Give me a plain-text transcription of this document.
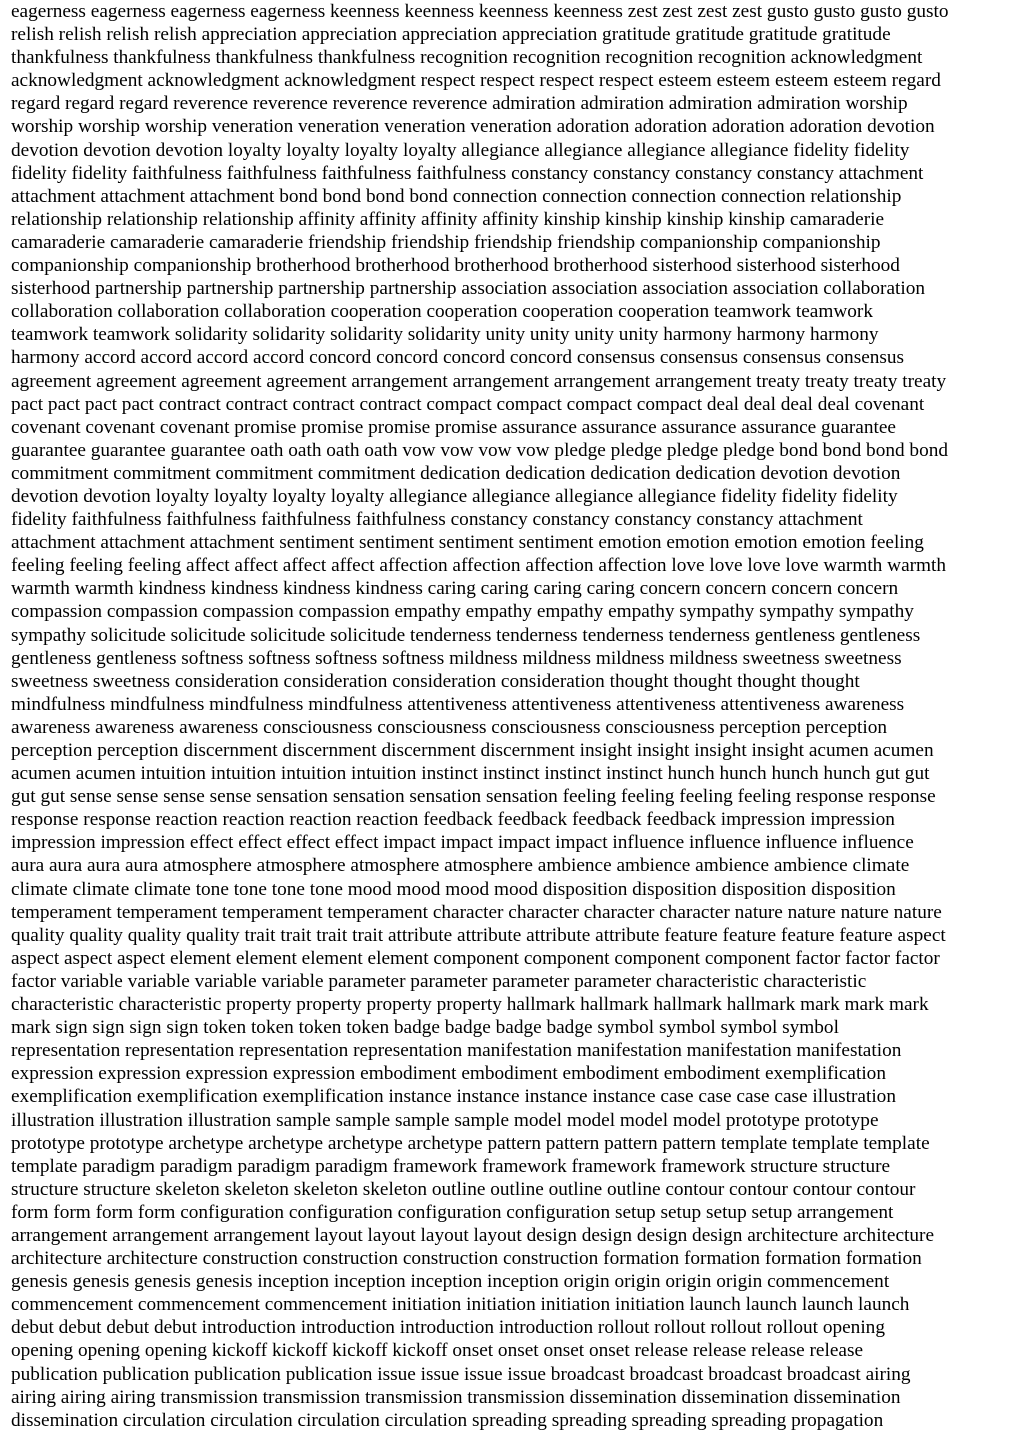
eagerness eagerness eagerness eagerness keenness keenness keenness keenness zest zest zest zest gusto gusto gusto gusto
relish relish relish relish appreciation appreciation appreciation appreciation gratitude gratitude gratitude gratitude
thankfulness thankfulness thankfulness thankfulness recognition recognition recognition recognition acknowledgment
acknowledgment acknowledgment acknowledgment respect respect respect respect esteem esteem esteem esteem regard
regard regard regard reverence reverence reverence reverence admiration admiration admiration admiration worship
worship worship worship veneration veneration veneration veneration adoration adoration adoration adoration devotion
devotion devotion devotion loyalty loyalty loyalty loyalty allegiance allegiance allegiance allegiance fidelity fidelity
fidelity fidelity faithfulness faithfulness faithfulness faithfulness constancy constancy constancy constancy attachment
attachment attachment attachment bond bond bond bond connection connection connection connection relationship
relationship relationship relationship affinity affinity affinity affinity kinship kinship kinship kinship camaraderie
camaraderie camaraderie camaraderie friendship friendship friendship friendship companionship companionship
companionship companionship brotherhood brotherhood brotherhood brotherhood sisterhood sisterhood sisterhood
sisterhood partnership partnership partnership partnership association association association association collaboration
collaboration collaboration collaboration cooperation cooperation cooperation cooperation teamwork teamwork
teamwork teamwork solidarity solidarity solidarity solidarity unity unity unity unity harmony harmony harmony
harmony accord accord accord accord concord concord concord concord consensus consensus consensus consensus
agreement agreement agreement agreement arrangement arrangement arrangement arrangement treaty treaty treaty treaty
pact pact pact pact contract contract contract contract compact compact compact compact deal deal deal deal covenant
covenant covenant covenant promise promise promise promise assurance assurance assurance assurance guarantee
guarantee guarantee guarantee oath oath oath oath vow vow vow vow pledge pledge pledge pledge bond bond bond bond
commitment commitment commitment commitment dedication dedication dedication dedication devotion devotion
devotion devotion loyalty loyalty loyalty loyalty allegiance allegiance allegiance allegiance fidelity fidelity fidelity
fidelity faithfulness faithfulness faithfulness faithfulness constancy constancy constancy constancy attachment
attachment attachment attachment sentiment sentiment sentiment sentiment emotion emotion emotion emotion feeling
feeling feeling feeling affect affect affect affect affection affection affection affection love love love love warmth warmth
warmth warmth kindness kindness kindness kindness caring caring caring caring concern concern concern concern
compassion compassion compassion compassion empathy empathy empathy empathy sympathy sympathy sympathy
sympathy solicitude solicitude solicitude solicitude tenderness tenderness tenderness tenderness gentleness gentleness
gentleness gentleness softness softness softness softness mildness mildness mildness mildness sweetness sweetness
sweetness sweetness consideration consideration consideration consideration thought thought thought thought
mindfulness mindfulness mindfulness mindfulness attentiveness attentiveness attentiveness attentiveness awareness
awareness awareness awareness consciousness consciousness consciousness consciousness perception perception
perception perception discernment discernment discernment discernment insight insight insight insight acumen acumen
acumen acumen intuition intuition intuition intuition instinct instinct instinct instinct hunch hunch hunch hunch gut gut
gut gut sense sense sense sense sensation sensation sensation sensation feeling feeling feeling feeling response response
response response reaction reaction reaction reaction feedback feedback feedback feedback impression impression
impression impression effect effect effect effect impact impact impact impact influence influence influence influence
aura aura aura aura atmosphere atmosphere atmosphere atmosphere ambience ambience ambience ambience climate
climate climate climate tone tone tone tone mood mood mood mood disposition disposition disposition disposition
temperament temperament temperament temperament character character character character nature nature nature nature
quality quality quality quality trait trait trait trait attribute attribute attribute attribute feature feature feature feature aspect
aspect aspect aspect element element element element component component component component factor factor factor
factor variable variable variable variable parameter parameter parameter parameter characteristic characteristic
characteristic characteristic property property property property hallmark hallmark hallmark hallmark mark mark mark
mark sign sign sign sign token token token token badge badge badge badge symbol symbol symbol symbol
representation representation representation representation manifestation manifestation manifestation manifestation
expression expression expression expression embodiment embodiment embodiment embodiment exemplification
exemplification exemplification exemplification instance instance instance instance case case case case illustration
illustration illustration illustration sample sample sample sample model model model model prototype prototype
prototype prototype archetype archetype archetype archetype pattern pattern pattern pattern template template template
template paradigm paradigm paradigm paradigm framework framework framework framework structure structure
structure structure skeleton skeleton skeleton skeleton outline outline outline outline contour contour contour contour
form form form form configuration configuration configuration configuration setup setup setup setup arrangement
arrangement arrangement arrangement layout layout layout layout design design design design architecture architecture
architecture architecture construction construction construction construction formation formation formation formation
genesis genesis genesis genesis inception inception inception inception origin origin origin origin commencement
commencement commencement commencement initiation initiation initiation initiation launch launch launch launch
debut debut debut debut introduction introduction introduction introduction rollout rollout rollout rollout opening
opening opening opening kickoff kickoff kickoff kickoff onset onset onset onset release release release release
publication publication publication publication issue issue issue issue broadcast broadcast broadcast broadcast airing
airing airing airing transmission transmission transmission transmission dissemination dissemination dissemination
dissemination circulation circulation circulation circulation spreading spreading spreading spreading propagation
